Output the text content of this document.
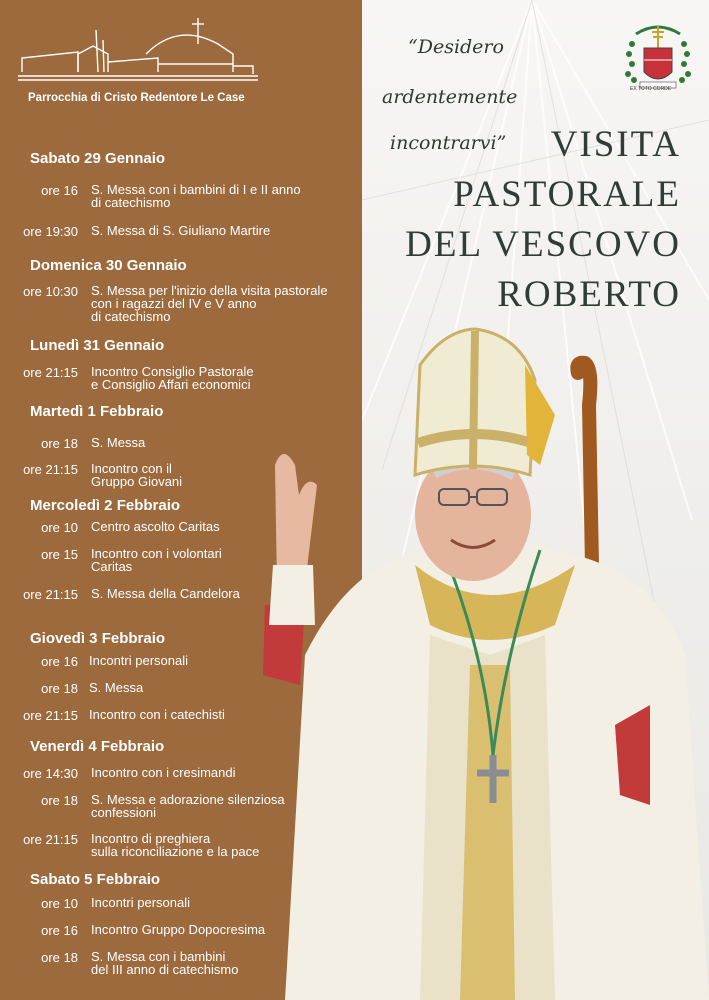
Parrocchia di Cristo Redentore Le Case
Sabato 29 Gennaio
ore 16 S. Messa con i bambini di I e II anno
di catechismo
ore 19:30 S. Messa di S. Giuliano Martire
Domenica 30 Gennaio
ore 10:30 S. Messa per l'inizio della visita pastorale
con i ragazzi del IV e V anno
di catechismo
Lunedì 31 Gennaio
ore 21:15 Incontro Consiglio Pastorale
e Consiglio Affari economici
Martedì 1 Febbraio
ore 18 S. Messa
ore 21:15 Incontro con il
Gruppo Giovani
Mercoledì 2 Febbraio
ore 10 Centro ascolto Caritas
ore 15 Incontro con i volontari
Caritas
ore 21:15 S. Messa della Candelora
Giovedì 3 Febbraio
ore 16 Incontri personali
ore 18 S. Messa
ore 21:15 Incontro con i catechisti
Venerdì 4 Febbraio
ore 14:30 Incontro con i cresimandi
ore 18 S. Messa e adorazione silenziosa
confessioni
ore 21:15 Incontro di preghiera
sulla riconciliazione e la pace
Sabato 5 Febbraio
ore 10 Incontri personali
ore 16 Incontro Gruppo Dopocresima
ore 18 S. Messa con i bambini
del III anno di catechismo
“Desidero
ardentemente
incontrarvi” VISITA
PASTORALE
DEL VESCOVO
ROBERTO
EX TOTO CORDE
